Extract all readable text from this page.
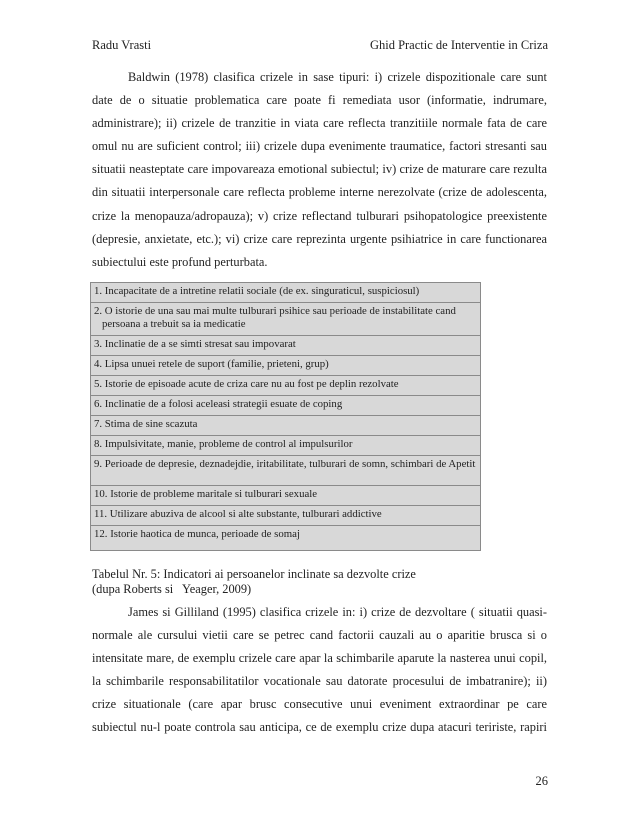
Radu Vrasti	Ghid Practic de Interventie in Criza
Baldwin (1978) clasifica crizele in sase tipuri: i) crizele dispozitionale care sunt
date de o situatie problematica care poate fi remediata usor (informatie, indrumare,
administrare); ii) crizele de tranzitie in viata care reflecta tranzitiile normale fata de care
omul nu are suficient control; iii) crizele dupa evenimente traumatice, factori stresanti sau
situatii neasteptate care impovareaza emotional subiectul; iv) crize de maturare care rezulta
din situatii interpersonale care reflecta probleme interne nerezolvate (crize de adolescenta,
crize la menopauza/adropauza); v) crize reflectand tulburari psihopatologice preexistente
(depresie, anxietate, etc.); vi) crize care reprezinta urgente psihiatrice in care functionarea
subiectului este profund perturbata.
1. Incapacitate de a intretine relatii sociale (de ex. singuraticul, suspiciosul)

2. O istorie de una sau mai multe tulburari psihice sau perioade de instabilitate cand persoana a trebuit sa ia medicatie

3. Inclinatie de a se simti stresat sau impovarat
4. Lipsa unuei retele de suport (familie, prieteni, grup)
5. Istorie de episoade acute de criza care nu au fost pe deplin rezolvate
6. Inclinatie de a folosi aceleasi strategii esuate de coping
7. Stima de sine scazuta
8. Impulsivitate, manie, probleme de control al impulsurilor

9. Perioade de depresie, deznadejdie, iritabilitate, tulburari de somn, schimbari de Apetit

10. Istorie de probleme maritale si tulburari sexuale
11. Utilizare abuziva de alcool si alte substante, tulburari addictive
12. Istorie haotica de munca, perioade de somaj
Tabelul Nr. 5: Indicatori ai persoanelor inclinate sa dezvolte crize
(dupa Roberts si   Yeager, 2009)
James si Gilliland (1995) clasifica crizele in: i) crize de dezvoltare ( situatii quasi-
normale ale cursului vietii care se petrec cand factorii cauzali au o aparitie brusca si o
intensitate mare, de exemplu crizele care apar la schimbarile aparute la nasterea unui copil,
la schimbarile responsabilitatilor vocationale sau datorate procesului de imbatranire); ii)
crize situationale (care apar brusc consecutive unui eveniment extraordinar pe care
subiectul nu-l poate controla sau anticipa, ce de exemplu crize dupa atacuri teririste, rapiri
26
